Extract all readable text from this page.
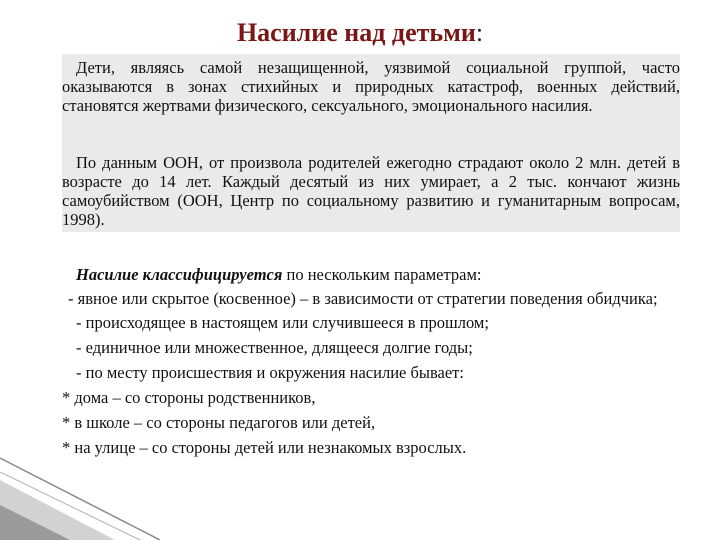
Насилие над детьми:

Дети, являясь самой незащищенной, уязвимой социальной группой, часто оказываются в зонах стихийных и природных катастроф, военных действий, становятся жертвами физического, сексуального, эмоционального насилия.

По данным ООН, от произвола родителей ежегодно страдают около 2 млн. детей в возрасте до 14 лет. Каждый десятый из них умирает, а 2 тыс. кончают жизнь самоубийством (ООН, Центр по социальному развитию и гуманитарным вопросам, 1998).

Насилие классифицируется по нескольким параметрам:

- явное или скрытое (косвенное) – в зависимости от стратегии поведения обидчика;
- происходящее в настоящем или случившееся в прошлом;
- единичное или множественное, длящееся долгие годы;
- по месту происшествия и окружения насилие бывает:
* дома – со стороны родственников,
* в школе – со стороны педагогов или детей,
* на улице – со стороны детей или незнакомых взрослых.
